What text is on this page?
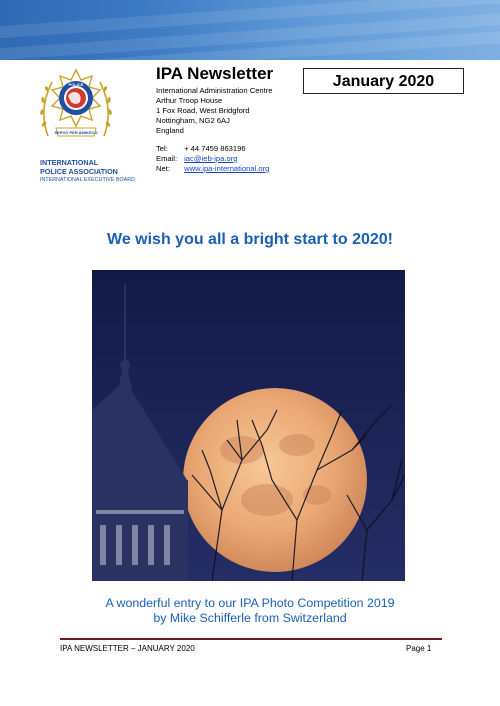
POLICE
SERVO PER AMIKECO
INTERNATIONAL
POLICE ASSOCIATION
INTERNATIONAL EXECUTIVE BOARD
IPA Newsletter
International Administration Centre
Arthur Troop House
1 Fox Road, West Bridgford
Nottingham, NG2 6AJ
England
Tel: + 44 7459 863196
Email: iac@ieb-ipa.org
Net: www.ipa-international.org
January 2020
We wish you all a bright start to 2020!
A wonderful entry to our IPA Photo Competition 2019
by Mike Schifferle from Switzerland
IPA NEWSLETTER – JANUARY 2020	Page 1
